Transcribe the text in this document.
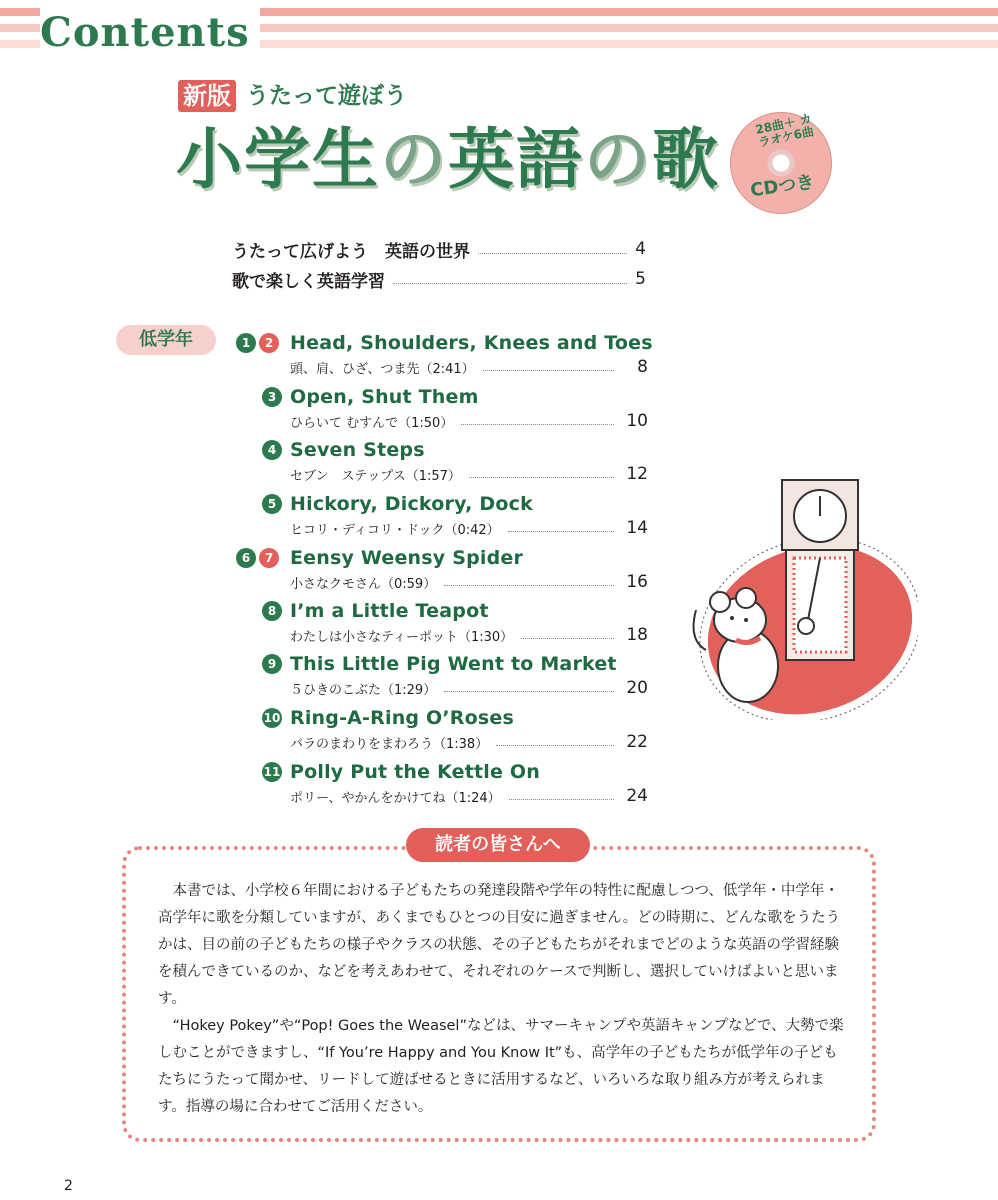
Contents
新版 うたって遊ぼう
小学生の英語の歌	28曲＋ カラオケ6曲
CDつき
うたって広げよう　英語の世界	4
歌で楽しく英語学習	5
低学年	1	2 Head, Shoulders, Knees and Toes
頭、肩、ひざ、つま先（2:41）	8
3 Open, Shut Them
ひらいて むすんで（1:50）	10
4 Seven Steps
セブン　ステップス（1:57）	12
5 Hickory, Dickory, Dock
ヒコリ・ディコリ・ドック（0:42）	14
6	7 Eensy Weensy Spider
小さなクモさん（0:59）	16
8 I’m a Little Teapot
わたしは小さなティーポット（1:30）	18
9 This Little Pig Went to Market
５ひきのこぶた（1:29）	20
10 Ring-A-Ring O’Roses
バラのまわりをまわろう（1:38）	22
11 Polly Put the Kettle On
ポリー、やかんをかけてね（1:24）	24
読者の皆さんへ

本書では、小学校６年間における子どもたちの発達段階や学年の特性に配慮しつつ、低学年・中学年・高学年に歌を分類していますが、あくまでもひとつの目安に過ぎません。どの時期に、どんな歌をうたうかは、目の前の子どもたちの様子やクラスの状態、その子どもたちがそれまでどのような英語の学習経験を積んできているのか、などを考えあわせて、それぞれのケースで判断し、選択していけばよいと思います。

“Hokey Pokey”や“Pop! Goes the Weasel”などは、サマーキャンプや英語キャンプなどで、大勢で楽しむことができますし、“If You’re Happy and You Know It”も、高学年の子どもたちが低学年の子どもたちにうたって聞かせ、リードして遊ばせるときに活用するなど、いろいろな取り組み方が考えられます。指導の場に合わせてご活用ください。

2
